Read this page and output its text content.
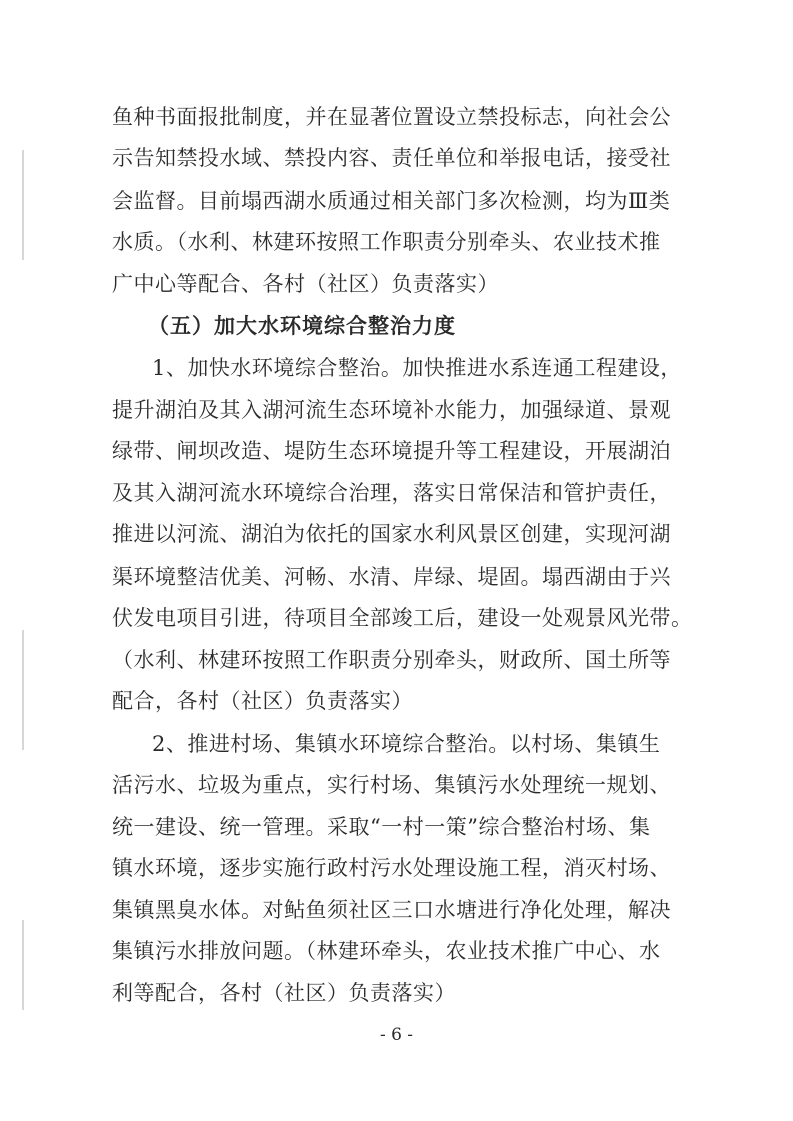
鱼种书面报批制度，并在显著位置设立禁投标志，向社会公
示告知禁投水域、禁投内容、责任单位和举报电话，接受社
会监督。目前塌西湖水质通过相关部门多次检测，均为Ⅲ类
水质。（水利、林建环按照工作职责分别牵头、农业技术推
广中心等配合、各村（社区）负责落实）
（五）加大水环境综合整治力度
1、加快水环境综合整治。加快推进水系连通工程建设，
提升湖泊及其入湖河流生态环境补水能力，加强绿道、景观
绿带、闸坝改造、堤防生态环境提升等工程建设，开展湖泊
及其入湖河流水环境综合治理，落实日常保洁和管护责任，
推进以河流、湖泊为依托的国家水利风景区创建，实现河湖
渠环境整洁优美、河畅、水清、岸绿、堤固。塌西湖由于兴
伏发电项目引进，待项目全部竣工后，建设一处观景风光带。
（水利、林建环按照工作职责分别牵头，财政所、国土所等
配合，各村（社区）负责落实）
2、推进村场、集镇水环境综合整治。以村场、集镇生
活污水、垃圾为重点，实行村场、集镇污水处理统一规划、
统一建设、统一管理。采取“一村一策”综合整治村场、集
镇水环境，逐步实施行政村污水处理设施工程，消灭村场、
集镇黑臭水体。对鲇鱼须社区三口水塘进行净化处理，解决
集镇污水排放问题。（林建环牵头，农业技术推广中心、水
利等配合，各村（社区）负责落实）
- 6 -
